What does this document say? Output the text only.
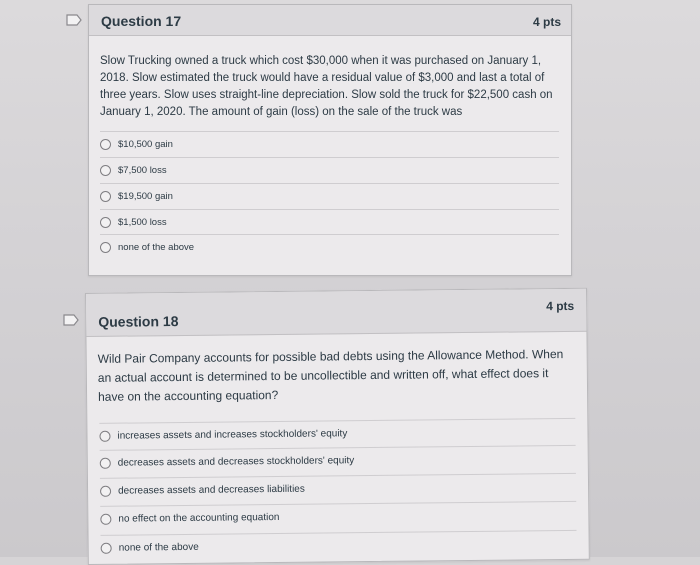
Question 17	4 pts
Slow Trucking owned a truck which cost $30,000 when it was purchased on January 1, 2018. Slow estimated the truck would have a residual value of $3,000 and last a total of three years. Slow uses straight-line depreciation. Slow sold the truck for $22,500 cash on January 1, 2020. The amount of gain (loss) on the sale of the truck was
$10,500 gain
$7,500 loss
$19,500 gain
$1,500 loss
none of the above
Question 18
4 pts
Wild Pair Company accounts for possible bad debts using the Allowance Method. When an actual account is determined to be uncollectible and written off, what effect does it have on the accounting equation?
increases assets and increases stockholders' equity
decreases assets and decreases stockholders' equity
decreases assets and decreases liabilities
no effect on the accounting equation
none of the above
